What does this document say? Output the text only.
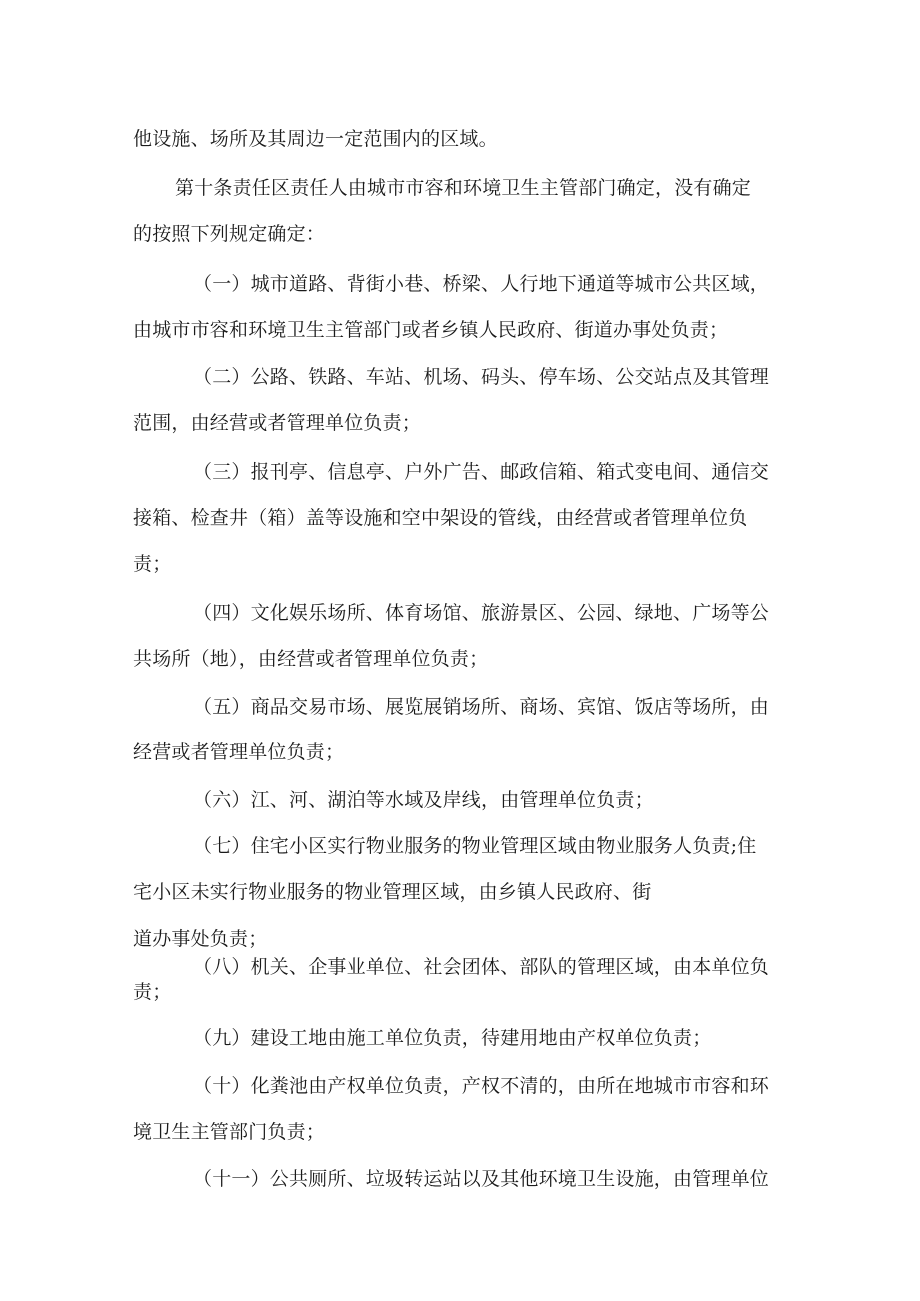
他设施、场所及其周边一定范围内的区域。
第十条责任区责任人由城市市容和环境卫生主管部门确定，没有确定
的按照下列规定确定：
（一）城市道路、背街小巷、桥梁、人行地下通道等城市公共区域，
由城市市容和环境卫生主管部门或者乡镇人民政府、街道办事处负责；
（二）公路、铁路、车站、机场、码头、停车场、公交站点及其管理
范围，由经营或者管理单位负责；
（三）报刊亭、信息亭、户外广告、邮政信箱、箱式变电间、通信交
接箱、检查井（箱）盖等设施和空中架设的管线，由经营或者管理单位负
责；
（四）文化娱乐场所、体育场馆、旅游景区、公园、绿地、广场等公
共场所（地），由经营或者管理单位负责；
（五）商品交易市场、展览展销场所、商场、宾馆、饭店等场所，由
经营或者管理单位负责；
（六）江、河、湖泊等水域及岸线，由管理单位负责；
（七）住宅小区实行物业服务的物业管理区域由物业服务人负责;住
宅小区未实行物业服务的物业管理区域，由乡镇人民政府、街
道办事处负责；
（八）机关、企事业单位、社会团体、部队的管理区域，由本单位负
责；
（九）建设工地由施工单位负责，待建用地由产权单位负责；
（十）化粪池由产权单位负责，产权不清的，由所在地城市市容和环
境卫生主管部门负责；
（十一）公共厕所、垃圾转运站以及其他环境卫生设施，由管理单位
